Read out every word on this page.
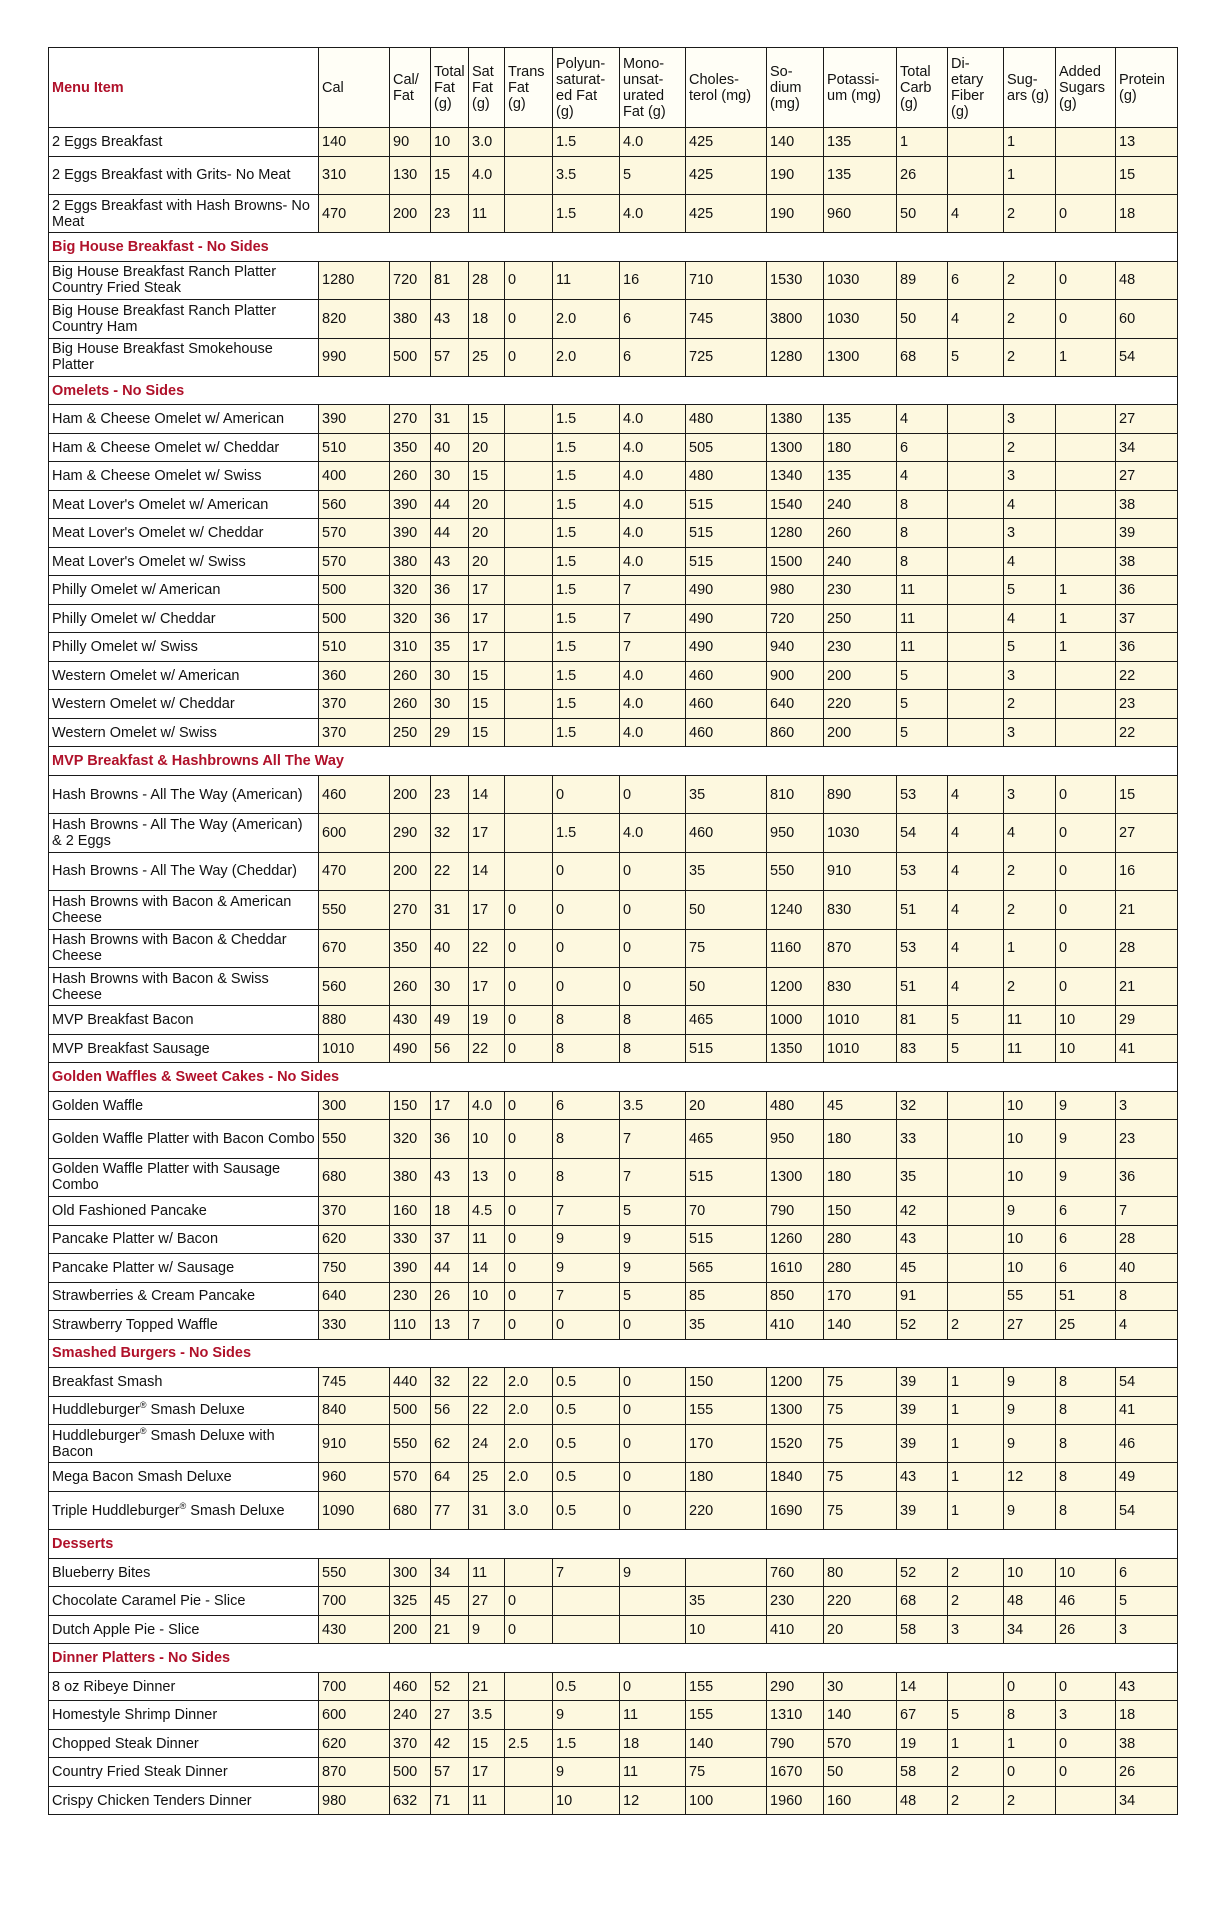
Menu Item	Cal	Cal/ Fat	Total Fat (g)	Sat Fat (g)	Trans Fat (g)	Polyun- saturat- ed Fat (g)	Mono- unsat- urated Fat (g)	Choles- terol (mg)	So- dium (mg)	Potassi- um (mg)	Total Carb (g)	Di- etary Fiber (g)	Sug- ars (g)	Added Sugars (g)	Protein (g)
2 Eggs Breakfast	140	90	10	3.0		1.5	4.0	425	140	135	1		1		13
2 Eggs Breakfast with Grits- No Meat	310	130	15	4.0		3.5	5	425	190	135	26		1		15
2 Eggs Breakfast with Hash Browns- No Meat	470	200	23	11		1.5	4.0	425	190	960	50	4	2	0	18
Big House Breakfast - No Sides															
Big House Breakfast Ranch Platter Country Fried Steak	1280	720	81	28	0	11	16	710	1530	1030	89	6	2	0	48
Big House Breakfast Ranch Platter Country Ham	820	380	43	18	0	2.0	6	745	3800	1030	50	4	2	0	60
Big House Breakfast Smokehouse Platter	990	500	57	25	0	2.0	6	725	1280	1300	68	5	2	1	54
Omelets - No Sides															
Ham & Cheese Omelet w/ American	390	270	31	15		1.5	4.0	480	1380	135	4		3		27
Ham & Cheese Omelet w/ Cheddar	510	350	40	20		1.5	4.0	505	1300	180	6		2		34
Ham & Cheese Omelet w/ Swiss	400	260	30	15		1.5	4.0	480	1340	135	4		3		27
Meat Lover's Omelet w/ American	560	390	44	20		1.5	4.0	515	1540	240	8		4		38
Meat Lover's Omelet w/ Cheddar	570	390	44	20		1.5	4.0	515	1280	260	8		3		39
Meat Lover's Omelet w/ Swiss	570	380	43	20		1.5	4.0	515	1500	240	8		4		38
Philly Omelet w/ American	500	320	36	17		1.5	7	490	980	230	11		5	1	36
Philly Omelet w/ Cheddar	500	320	36	17		1.5	7	490	720	250	11		4	1	37
Philly Omelet w/ Swiss	510	310	35	17		1.5	7	490	940	230	11		5	1	36
Western Omelet w/ American	360	260	30	15		1.5	4.0	460	900	200	5		3		22
Western Omelet w/ Cheddar	370	260	30	15		1.5	4.0	460	640	220	5		2		23
Western Omelet w/ Swiss	370	250	29	15		1.5	4.0	460	860	200	5		3		22
MVP Breakfast & Hashbrowns All The Way															
Hash Browns - All The Way (American)	460	200	23	14		0	0	35	810	890	53	4	3	0	15
Hash Browns - All The Way (American) & 2 Eggs	600	290	32	17		1.5	4.0	460	950	1030	54	4	4	0	27
Hash Browns - All The Way (Cheddar)	470	200	22	14		0	0	35	550	910	53	4	2	0	16
Hash Browns with Bacon & American Cheese	550	270	31	17	0	0	0	50	1240	830	51	4	2	0	21
Hash Browns with Bacon & Cheddar Cheese	670	350	40	22	0	0	0	75	1160	870	53	4	1	0	28
Hash Browns with Bacon & Swiss Cheese	560	260	30	17	0	0	0	50	1200	830	51	4	2	0	21
MVP Breakfast Bacon	880	430	49	19	0	8	8	465	1000	1010	81	5	11	10	29
MVP Breakfast Sausage	1010	490	56	22	0	8	8	515	1350	1010	83	5	11	10	41
Golden Waffles & Sweet Cakes - No Sides															
Golden Waffle	300	150	17	4.0	0	6	3.5	20	480	45	32		10	9	3
Golden Waffle Platter with Bacon Combo	550	320	36	10	0	8	7	465	950	180	33		10	9	23
Golden Waffle Platter with Sausage Combo	680	380	43	13	0	8	7	515	1300	180	35		10	9	36
Old Fashioned Pancake	370	160	18	4.5	0	7	5	70	790	150	42		9	6	7
Pancake Platter w/ Bacon	620	330	37	11	0	9	9	515	1260	280	43		10	6	28
Pancake Platter w/ Sausage	750	390	44	14	0	9	9	565	1610	280	45		10	6	40
Strawberries & Cream Pancake	640	230	26	10	0	7	5	85	850	170	91		55	51	8
Strawberry Topped Waffle	330	110	13	7	0	0	0	35	410	140	52	2	27	25	4
Smashed Burgers - No Sides															
Breakfast Smash	745	440	32	22	2.0	0.5	0	150	1200	75	39	1	9	8	54
Huddleburger® Smash Deluxe	840	500	56	22	2.0	0.5	0	155	1300	75	39	1	9	8	41
Huddleburger® Smash Deluxe with Bacon	910	550	62	24	2.0	0.5	0	170	1520	75	39	1	9	8	46
Mega Bacon Smash Deluxe	960	570	64	25	2.0	0.5	0	180	1840	75	43	1	12	8	49
Triple Huddleburger® Smash Deluxe	1090	680	77	31	3.0	0.5	0	220	1690	75	39	1	9	8	54
Desserts															
Blueberry Bites	550	300	34	11		7	9		760	80	52	2	10	10	6
Chocolate Caramel Pie - Slice	700	325	45	27	0			35	230	220	68	2	48	46	5
Dutch Apple Pie - Slice	430	200	21	9	0			10	410	20	58	3	34	26	3
Dinner Platters - No Sides															
8 oz Ribeye Dinner	700	460	52	21		0.5	0	155	290	30	14		0	0	43
Homestyle Shrimp Dinner	600	240	27	3.5		9	11	155	1310	140	67	5	8	3	18
Chopped Steak Dinner	620	370	42	15	2.5	1.5	18	140	790	570	19	1	1	0	38
Country Fried Steak Dinner	870	500	57	17		9	11	75	1670	50	58	2	0	0	26
Crispy Chicken Tenders Dinner	980	632	71	11		10	12	100	1960	160	48	2	2		34
